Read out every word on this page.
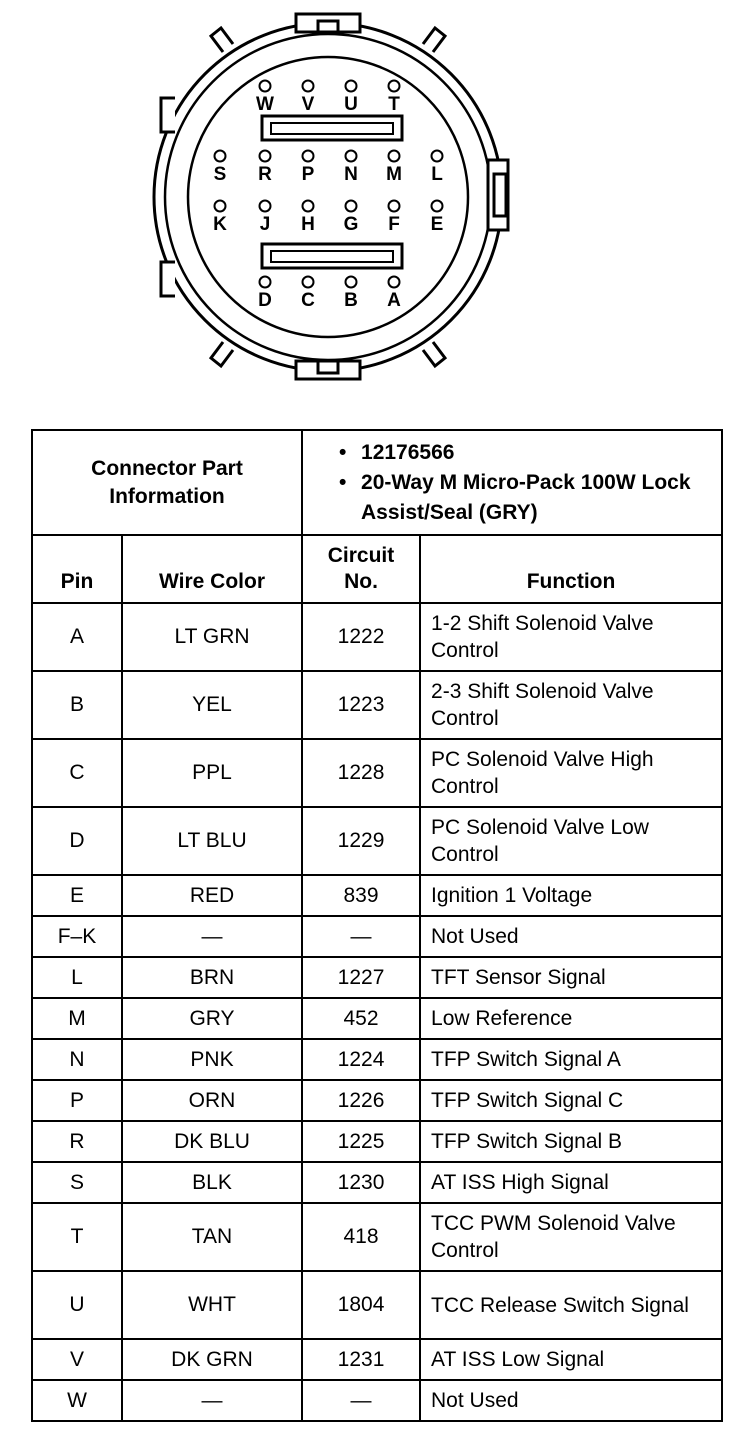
W V U T
S R P N M L
K J H G F E
D C B A
Connector Part Information		• 12176566
• 20-Way M Micro-Pack 100W Lock Assist/Seal (GRY)	

Pin	Wire Color	Circuit No.	Function
A	LT GRN	1222	1-2 Shift Solenoid Valve Control
B	YEL	1223	2-3 Shift Solenoid Valve Control
C	PPL	1228	PC Solenoid Valve High Control
D	LT BLU	1229	PC Solenoid Valve Low Control
E	RED	839	Ignition 1 Voltage
F–K	—	—	Not Used
L	BRN	1227	TFT Sensor Signal
M	GRY	452	Low Reference
N	PNK	1224	TFP Switch Signal A
P	ORN	1226	TFP Switch Signal C
R	DK BLU	1225	TFP Switch Signal B
S	BLK	1230	AT ISS High Signal
T	TAN	418	TCC PWM Solenoid Valve Control
U	WHT	1804	TCC Release Switch Signal
V	DK GRN	1231	AT ISS Low Signal
W	—	—	Not Used
